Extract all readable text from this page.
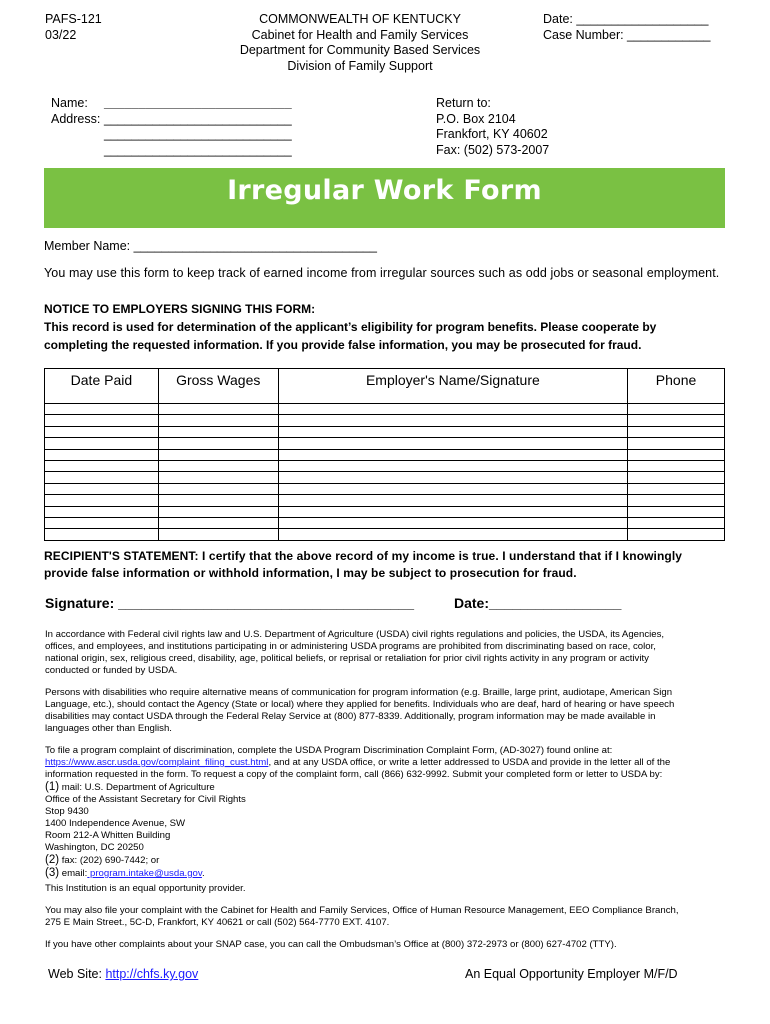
PAFS-121
03/22
COMMONWEALTH OF KENTUCKY
Cabinet for Health and Family Services
Department for Community Based Services
Division of Family Support
Date: ___________________
Case Number: ____________
Name: ___________________________
Address: ___________________________
___________________________
___________________________
Return to:
P.O. Box 2104
Frankfort, KY 40602
Fax: (502) 573-2007
Irregular Work Form
Member Name: ___________________________________
You may use this form to keep track of earned income from irregular sources such as odd jobs or seasonal employment.
NOTICE TO EMPLOYERS SIGNING THIS FORM:
This record is used for determination of the applicant’s eligibility for program benefits. Please cooperate by
completing the requested information. If you provide false information, you may be prosecuted for fraud.
Date Paid	Gross Wages	Employer's Name/Signature	Phone

RECIPIENT'S STATEMENT: I certify that the above record of my income is true. I understand that if I knowingly
provide false information or withhold information, I may be subject to prosecution for fraud.
Signature: ______________________________________	Date:_________________
In accordance with Federal civil rights law and U.S. Department of Agriculture (USDA) civil rights regulations and policies, the USDA, its Agencies,
offices, and employees, and institutions participating in or administering USDA programs are prohibited from discriminating based on race, color,
national origin, sex, religious creed, disability, age, political beliefs, or reprisal or retaliation for prior civil rights activity in any program or activity
conducted or funded by USDA.
Persons with disabilities who require alternative means of communication for program information (e.g. Braille, large print, audiotape, American Sign
Language, etc.), should contact the Agency (State or local) where they applied for benefits. Individuals who are deaf, hard of hearing or have speech
disabilities may contact USDA through the Federal Relay Service at (800) 877-8339. Additionally, program information may be made available in
languages other than English.
To file a program complaint of discrimination, complete the USDA Program Discrimination Complaint Form, (AD-3027) found online at:
https://www.ascr.usda.gov/complaint_filing_cust.html, and at any USDA office, or write a letter addressed to USDA and provide in the letter all of the
information requested in the form. To request a copy of the complaint form, call (866) 632-9992. Submit your completed form or letter to USDA by:
(1) mail: U.S. Department of Agriculture
Office of the Assistant Secretary for Civil Rights
Stop 9430
1400 Independence Avenue, SW
Room 212-A Whitten Building
Washington, DC 20250
(2) fax: (202) 690-7442; or
(3) email: program.intake@usda.gov.
This Institution is an equal opportunity provider.
You may also file your complaint with the Cabinet for Health and Family Services, Office of Human Resource Management, EEO Compliance Branch,
275 E Main Street., 5C-D, Frankfort, KY 40621 or call (502) 564-7770 EXT. 4107.
If you have other complaints about your SNAP case, you can call the Ombudsman’s Office at (800) 372-2973 or (800) 627-4702 (TTY).
Web Site: http://chfs.ky.gov	An Equal Opportunity Employer M/F/D
